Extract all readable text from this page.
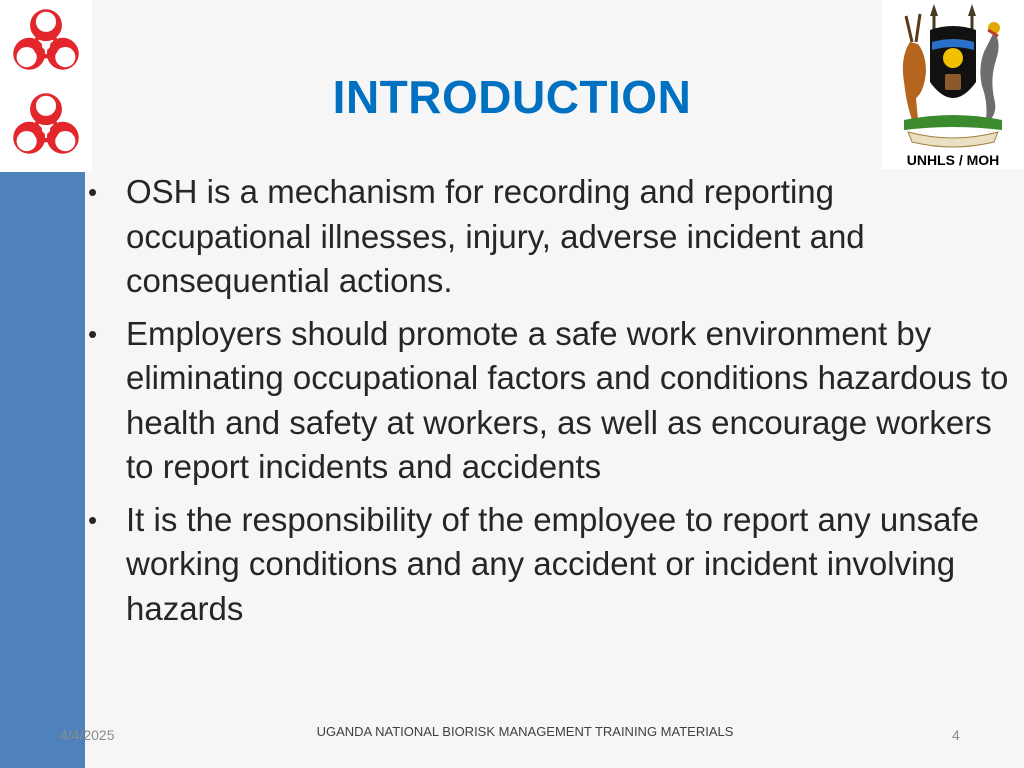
INTRODUCTION
UNHLS / MOH
• OSH is a mechanism for recording and reporting occupational illnesses, injury, adverse incident and consequential actions.
• Employers should promote a safe work environment by eliminating occupational factors and conditions hazardous to health and safety at workers, as well as encourage workers to report incidents and accidents
• It is the responsibility of the employee to report any unsafe working conditions and any accident or incident involving hazards
4/4/2025	UGANDA NATIONAL BIORISK MANAGEMENT TRAINING MATERIALS	4
